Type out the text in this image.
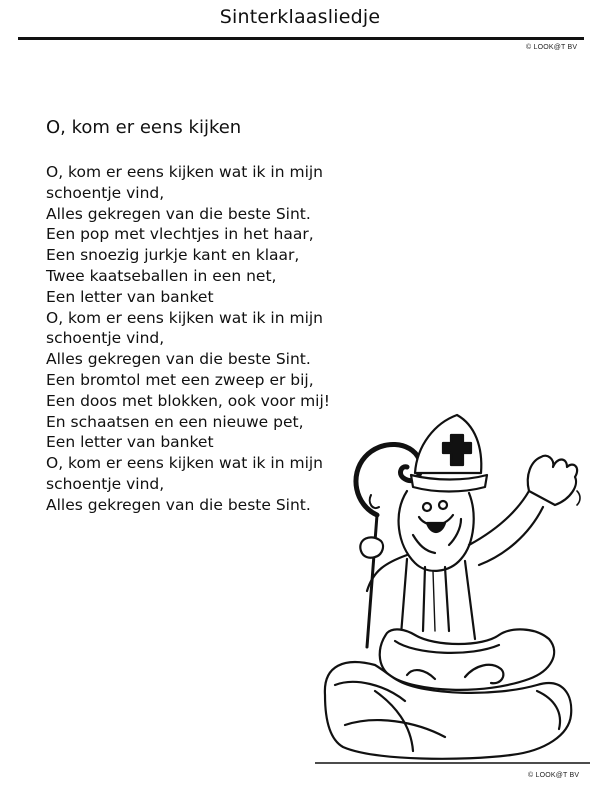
Sinterklaasliedje
© LOOK@T BV
O, kom er eens kijken
O, kom er eens kijken wat ik in mijn
schoentje vind,
Alles gekregen van die beste Sint.
Een pop met vlechtjes in het haar,
Een snoezig jurkje kant en klaar,
Twee kaatseballen in een net,
Een letter van banket
O, kom er eens kijken wat ik in mijn
schoentje vind,
Alles gekregen van die beste Sint.
Een bromtol met een zweep er bij,
Een doos met blokken, ook voor mij!
En schaatsen en een nieuwe pet,
Een letter van banket
O, kom er eens kijken wat ik in mijn
schoentje vind,
Alles gekregen van die beste Sint.
© LOOK@T BV
